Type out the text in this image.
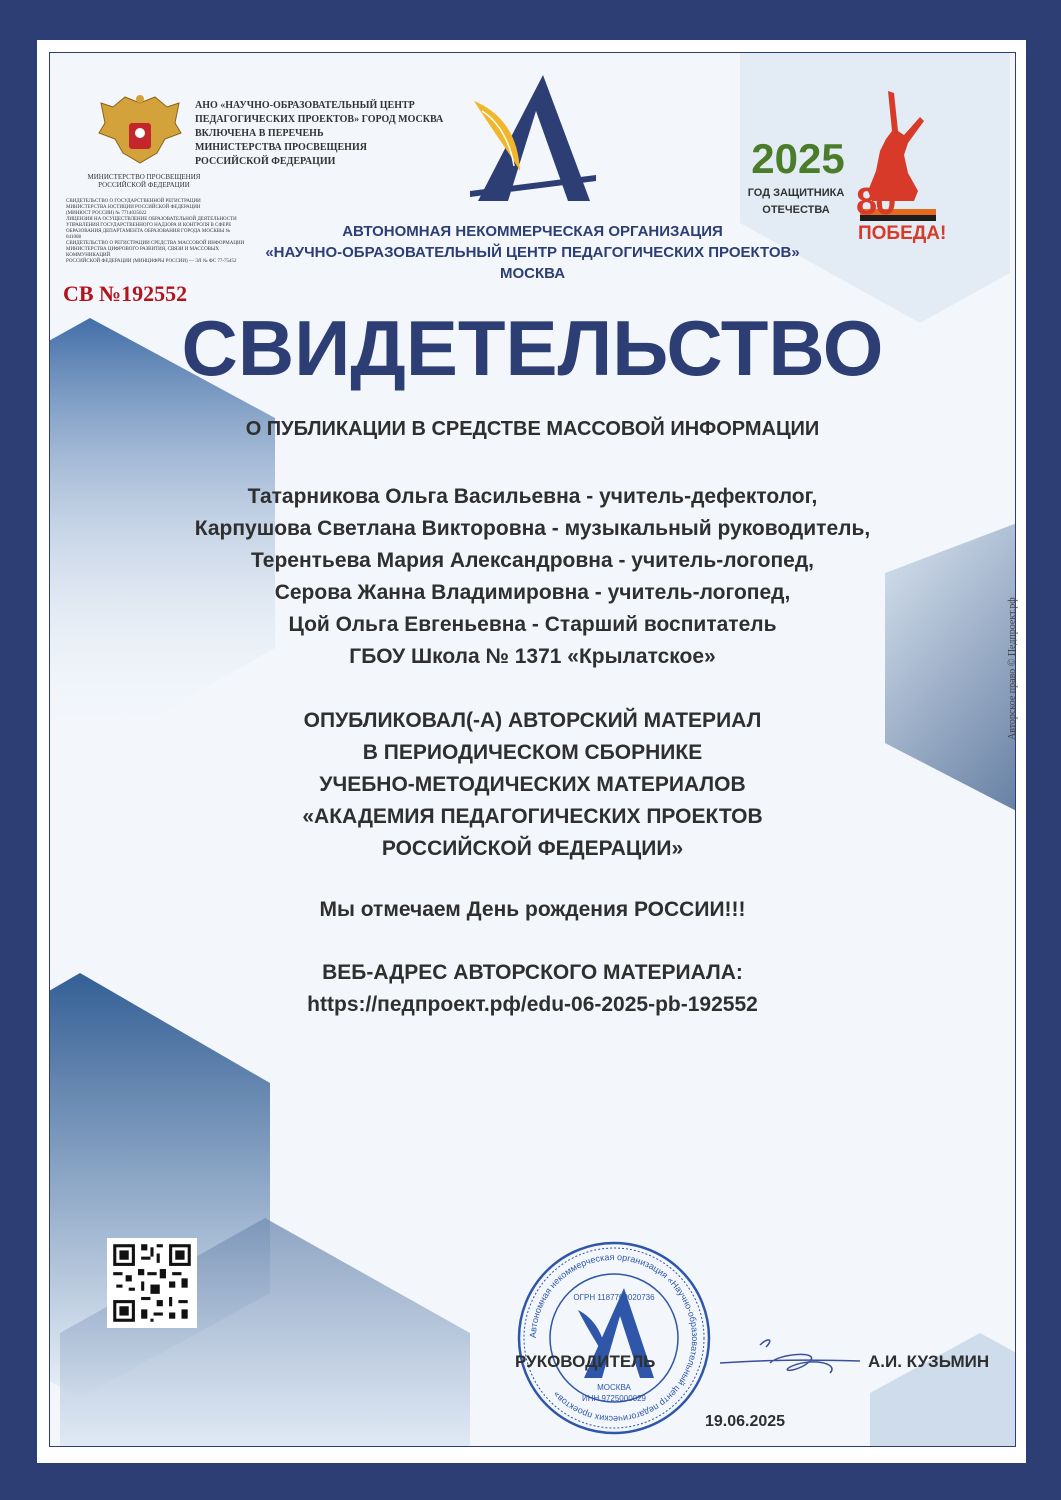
МИНИСТЕРСТВО ПРОСВЕЩЕНИЯ РОССИЙСКОЙ ФЕДЕРАЦИИ
СВИДЕТЕЛЬСТВО О ГОСУДАРСТВЕННОЙ РЕГИСТРАЦИИ
МИНИСТЕРСТВА ЮСТИЦИИ РОССИЙСКОЙ ФЕДЕРАЦИИ
(МИНЮСТ РОССИИ) № 7714035022
ЛИЦЕНЗИЯ НА ОСУЩЕСТВЛЕНИЕ ОБРАЗОВАТЕЛЬНОЙ ДЕЯТЕЛЬНОСТИ
УПРАВЛЕНИЯ ГОСУДАРСТВЕННОГО НАДЗОРА И КОНТРОЛЯ В СФЕРЕ
ОБРАЗОВАНИЯ ДЕПАРТАМЕНТА ОБРАЗОВАНИЯ ГОРОДА МОСКВЫ № 041008
СВИДЕТЕЛЬСТВО О РЕГИСТРАЦИИ СРЕДСТВА МАССОВОЙ ИНФОРМАЦИИ
МИНИСТЕРСТВА ЦИФРОВОГО РАЗВИТИЯ, СВЯЗИ И МАССОВЫХ КОММУНИКАЦИЙ
РОССИЙСКОЙ ФЕДЕРАЦИИ (МИНЦИФРЫ РОССИИ) — ЭЛ № ФС 77-75452
АНО «НАУЧНО-ОБРАЗОВАТЕЛЬНЫЙ ЦЕНТР
ПЕДАГОГИЧЕСКИХ ПРОЕКТОВ» ГОРОД МОСКВА
ВКЛЮЧЕНА В ПЕРЕЧЕНЬ
МИНИСТЕРСТВА ПРОСВЕЩЕНИЯ
РОССИЙСКОЙ ФЕДЕРАЦИИ
АВТОНОМНАЯ НЕКОММЕРЧЕСКАЯ ОРГАНИЗАЦИЯ
«НАУЧНО-ОБРАЗОВАТЕЛЬНЫЙ ЦЕНТР ПЕДАГОГИЧЕСКИХ ПРОЕКТОВ»
МОСКВА
2025
ГОД ЗАЩИТНИКА
ОТЕЧЕСТВА 80
ПОБЕДА!
СВ №192552
СВИДЕТЕЛЬСТВО
О ПУБЛИКАЦИИ В СРЕДСТВЕ МАССОВОЙ ИНФОРМАЦИИ
Татарникова Ольга Васильевна - учитель-дефектолог,
Карпушова Светлана Викторовна - музыкальный руководитель,
Терентьева Мария Александровна - учитель-логопед,
Серова Жанна Владимировна - учитель-логопед,
Цой Ольга Евгеньевна - Старший воспитатель
ГБОУ Школа № 1371 «Крылатское»
ОПУБЛИКОВАЛ(-А) АВТОРСКИЙ МАТЕРИАЛ
В ПЕРИОДИЧЕСКОМ СБОРНИКЕ
УЧЕБНО-МЕТОДИЧЕСКИХ МАТЕРИАЛОВ
«АКАДЕМИЯ ПЕДАГОГИЧЕСКИХ ПРОЕКТОВ
РОССИЙСКОЙ ФЕДЕРАЦИИ»
Мы отмечаем День рождения РОССИИ!!!
ВЕБ-АДРЕС АВТОРСКОГО МАТЕРИАЛА:
https://педпроект.рф/edu-06-2025-pb-192552
Автономная некоммерческая организация «Научно-образовательный центр педагогических проектов»
ОГРН 1187700020736
МОСКВА
ИНН 9725000029
РУКОВОДИТЕЛЬ	А.И. КУЗЬМИН
19.06.2025
Авторское право © Педпроект.рф
